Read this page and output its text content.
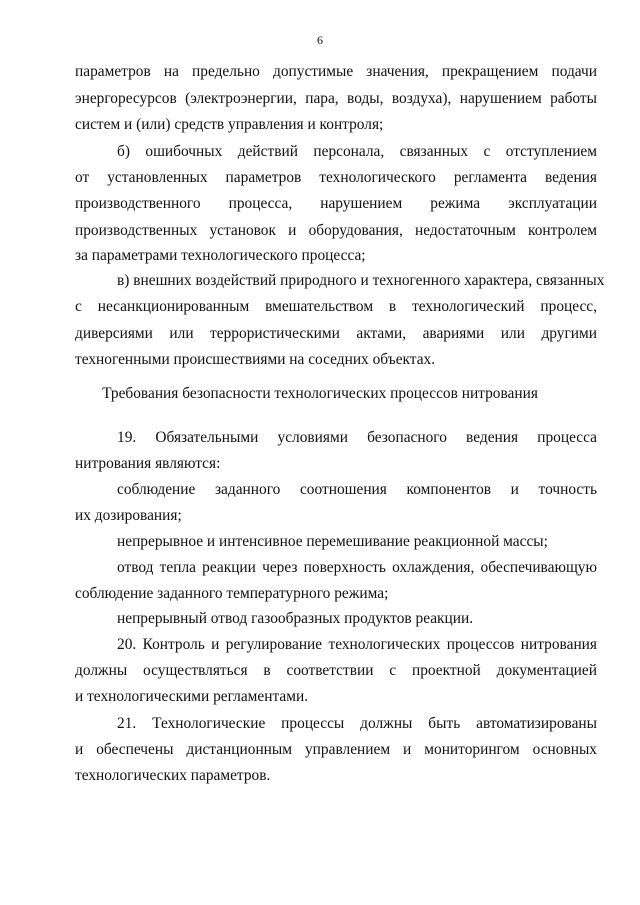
6
параметров на предельно допустимые значения, прекращением подачи
энергоресурсов (электроэнергии, пара, воды, воздуха), нарушением работы
систем и (или) средств управления и контроля;
б) ошибочных действий персонала, связанных с отступлением
от установленных параметров технологического регламента ведения
производственного процесса, нарушением режима эксплуатации
производственных установок и оборудования, недостаточным контролем
за параметрами технологического процесса;
в) внешних воздействий природного и техногенного характера, связанных
с несанкционированным вмешательством в технологический процесс,
диверсиями или террористическими актами, авариями или другими
техногенными происшествиями на соседних объектах.
Требования безопасности технологических процессов нитрования
19. Обязательными условиями безопасного ведения процесса
нитрования являются:
соблюдение заданного соотношения компонентов и точность
их дозирования;
непрерывное и интенсивное перемешивание реакционной массы;
отвод тепла реакции через поверхность охлаждения, обеспечивающую
соблюдение заданного температурного режима;
непрерывный отвод газообразных продуктов реакции.
20. Контроль и регулирование технологических процессов нитрования
должны осуществляться в соответствии с проектной документацией
и технологическими регламентами.
21. Технологические процессы должны быть автоматизированы
и обеспечены дистанционным управлением и мониторингом основных
технологических параметров.
